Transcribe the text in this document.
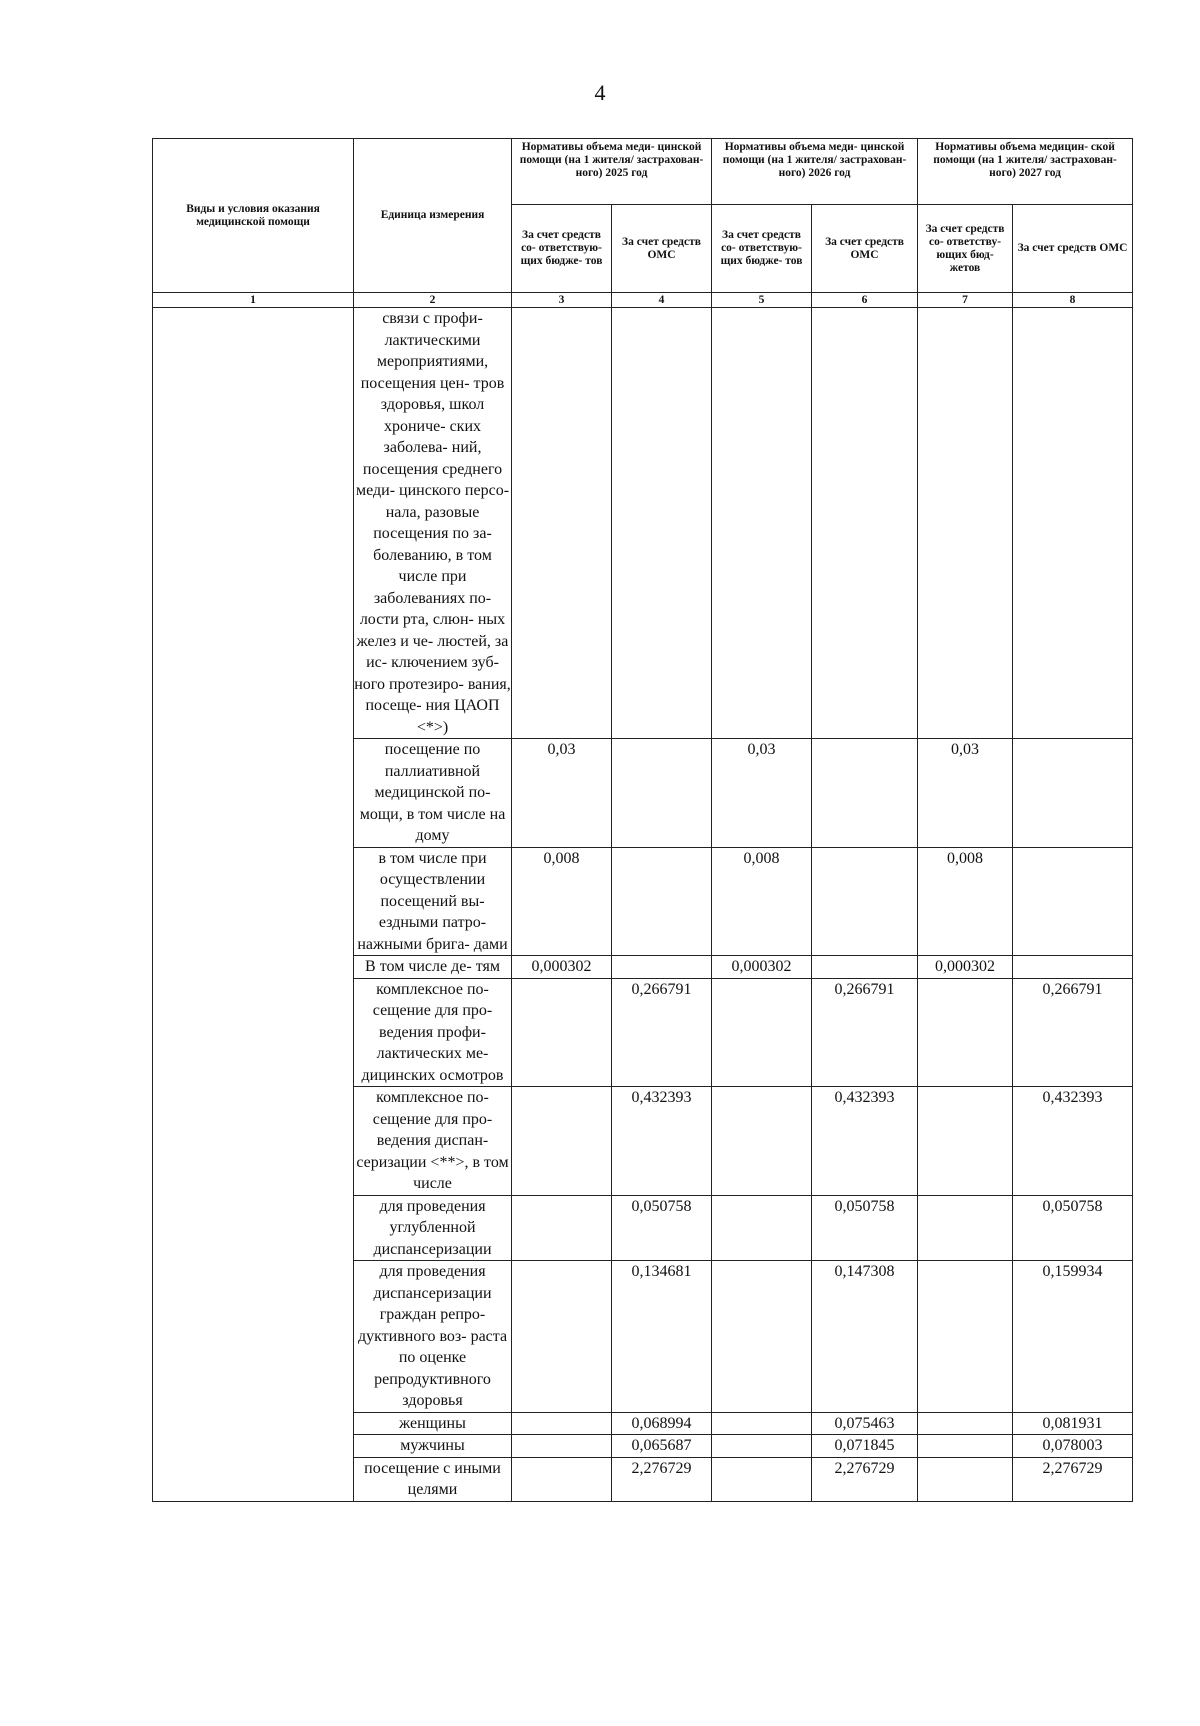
4
Виды и условия оказания медицинской помощи	Единица измерения	Нормативы объема меди- цинской помощи (на 1 жителя/ застрахован- ного) 2025 год		Нормативы объема меди- цинской помощи (на 1 жителя/ застрахован- ного) 2026 год		Нормативы объема медицин- ской помощи (на 1 жителя/ застрахован- ного) 2027 год	
		За счет средств со- ответствую- щих бюдже- тов	За счет средств ОМС	За счет средств со- ответствую- щих бюдже- тов	За счет средств ОМС	За счет средств со- ответству- ющих бюд- жетов	За счет средств ОМС
1	2	3	4	5	6	7	8
	связи с профи- лактическими мероприятиями, посещения цен- тров здоровья, школ хрониче- ских заболева- ний, посещения среднего меди- цинского персо- нала, разовые посещения по за- болеванию, в том числе при заболеваниях по- лости рта, слюн- ных желез и че- люстей, за ис- ключением зуб- ного протезиро- вания, посеще- ния ЦАОП <*>)						
	посещение по паллиативной медицинской по- мощи, в том числе на дому	0,03		0,03		0,03	
	в том числе при осуществлении посещений вы- ездными патро- нажными брига- дами	0,008		0,008		0,008	
	В том числе де- тям	0,000302		0,000302		0,000302	
	комплексное по- сещение для про- ведения профи- лактических ме- дицинских осмотров		0,266791		0,266791		0,266791
	комплексное по- сещение для про- ведения диспан- серизации <**>, в том числе		0,432393		0,432393		0,432393
	для проведения углубленной диспансеризации		0,050758		0,050758		0,050758
	для проведения диспансеризации граждан репро- дуктивного воз- раста по оценке репродуктивного здоровья		0,134681		0,147308		0,159934
	женщины		0,068994		0,075463		0,081931
	мужчины		0,065687		0,071845		0,078003
	посещение с иными целями		2,276729		2,276729		2,276729
